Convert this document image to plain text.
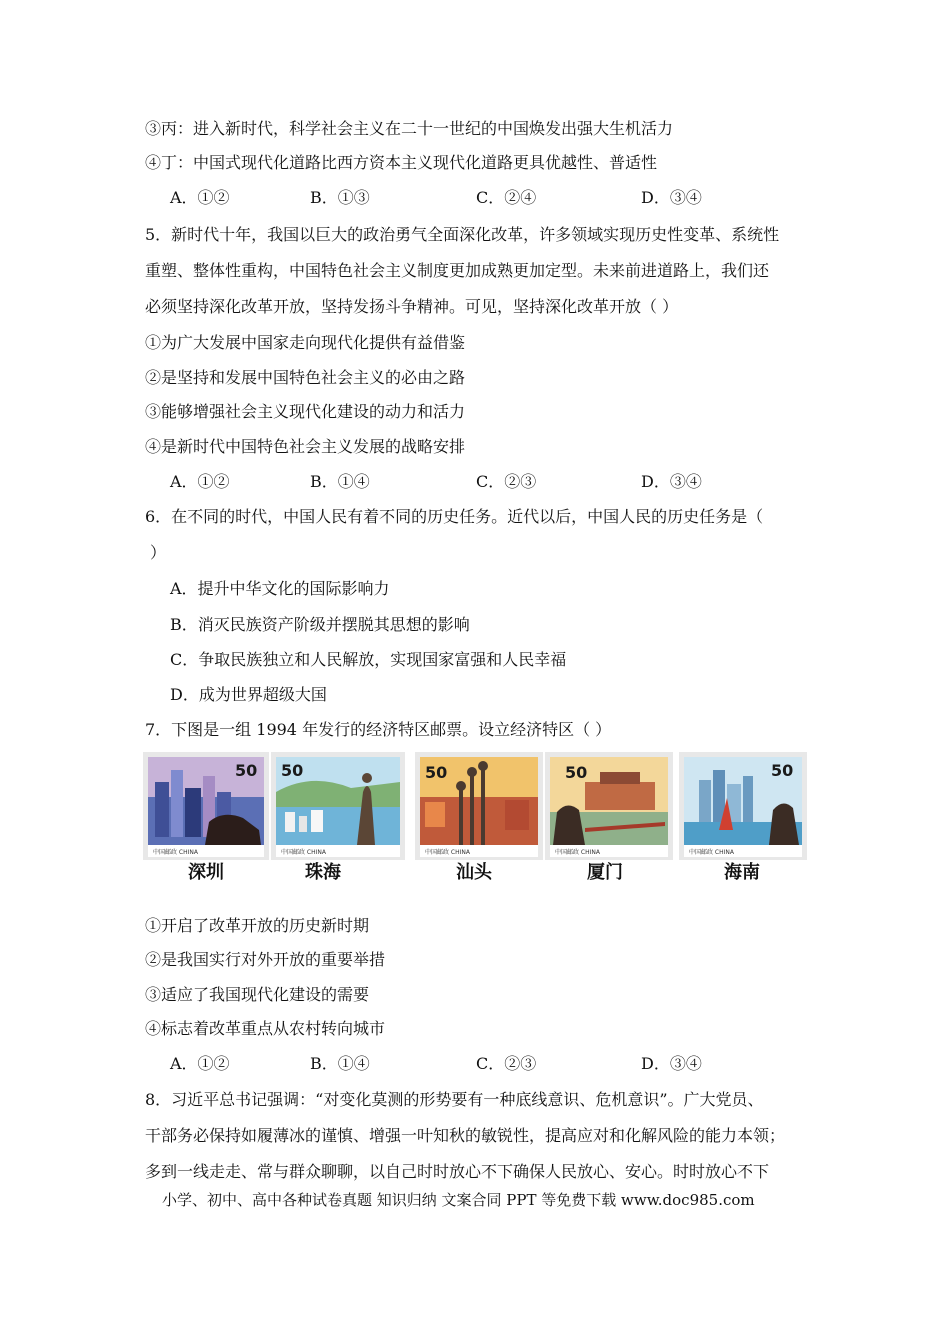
③丙：进入新时代，科学社会主义在二十一世纪的中国焕发出强大生机活力
④丁：中国式现代化道路比西方资本主义现代化道路更具优越性、普适性
A．①②	B．①③	C．②④	D．③④
5．新时代十年，我国以巨大的政治勇气全面深化改革，许多领域实现历史性变革、系统性
重塑、整体性重构，中国特色社会主义制度更加成熟更加定型。未来前进道路上，我们还
必须坚持深化改革开放，坚持发扬斗争精神。可见，坚持深化改革开放（ ）
①为广大发展中国家走向现代化提供有益借鉴
②是坚持和发展中国特色社会主义的必由之路
③能够增强社会主义现代化建设的动力和活力
④是新时代中国特色社会主义发展的战略安排
A．①②	B．①④	C．②③	D．③④
6．在不同的时代，中国人民有着不同的历史任务。近代以后，中国人民的历史任务是（
）
A．提升中华文化的国际影响力
B．消灭民族资产阶级并摆脱其思想的影响
C．争取民族独立和人民解放，实现国家富强和人民幸福
D．成为世界超级大国
7．下图是一组 1994 年发行的经济特区邮票。设立经济特区（ ）
中国邮政 CHINA
50
中国邮政 CHINA
50
中国邮政 CHINA
50
中国邮政 CHINA
50
中国邮政 CHINA
50
深圳	珠海	汕头	厦门	海南
①开启了改革开放的历史新时期
②是我国实行对外开放的重要举措
③适应了我国现代化建设的需要
④标志着改革重点从农村转向城市
A．①②	B．①④	C．②③	D．③④
8．习近平总书记强调：“对变化莫测的形势要有一种底线意识、危机意识”。广大党员、
干部务必保持如履薄冰的谨慎、增强一叶知秋的敏锐性，提高应对和化解风险的能力本领；
多到一线走走、常与群众聊聊，以自己时时放心不下确保人民放心、安心。时时放心不下
小学、初中、高中各种试卷真题 知识归纳 文案合同 PPT 等免费下载 www.doc985.com
